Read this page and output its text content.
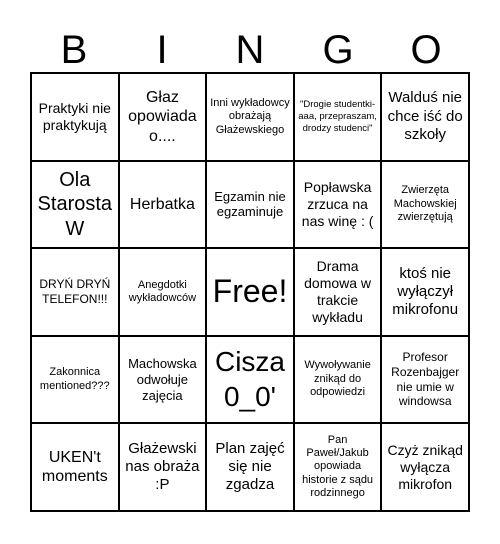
B	I	N	G	O
Praktyki nie praktykują
Głaz opowiada o....
Inni wykładowcy obrażają Głażewskiego
"Drogie studentki- aaa, przepraszam, drodzy studenci"
Walduś nie chce iść do szkoły
Ola Starosta W
Herbatka	Egzamin nie egzaminuje
Popławska zrzuca na nas winę : (
Zwierzęta Machowskiej zwierzętują
DRYŃ DRYŃ TELEFON!!!
Anegdotki wykładowców Free!
Drama domowa w trakcie wykładu
ktoś nie wyłączył mikrofonu
Zakonnica mentioned???
Machowska odwołuje zajęcia
Cisza 0_0'
Wywoływanie znikąd do odpowiedzi
Profesor Rozenbajger nie umie w windowsa
UKEN't moments
Głażewski nas obraża :P
Plan zajęć się nie zgadza
Pan Paweł/Jakub opowiada historie z sądu rodzinnego
Czyż znikąd wyłącza mikrofon
